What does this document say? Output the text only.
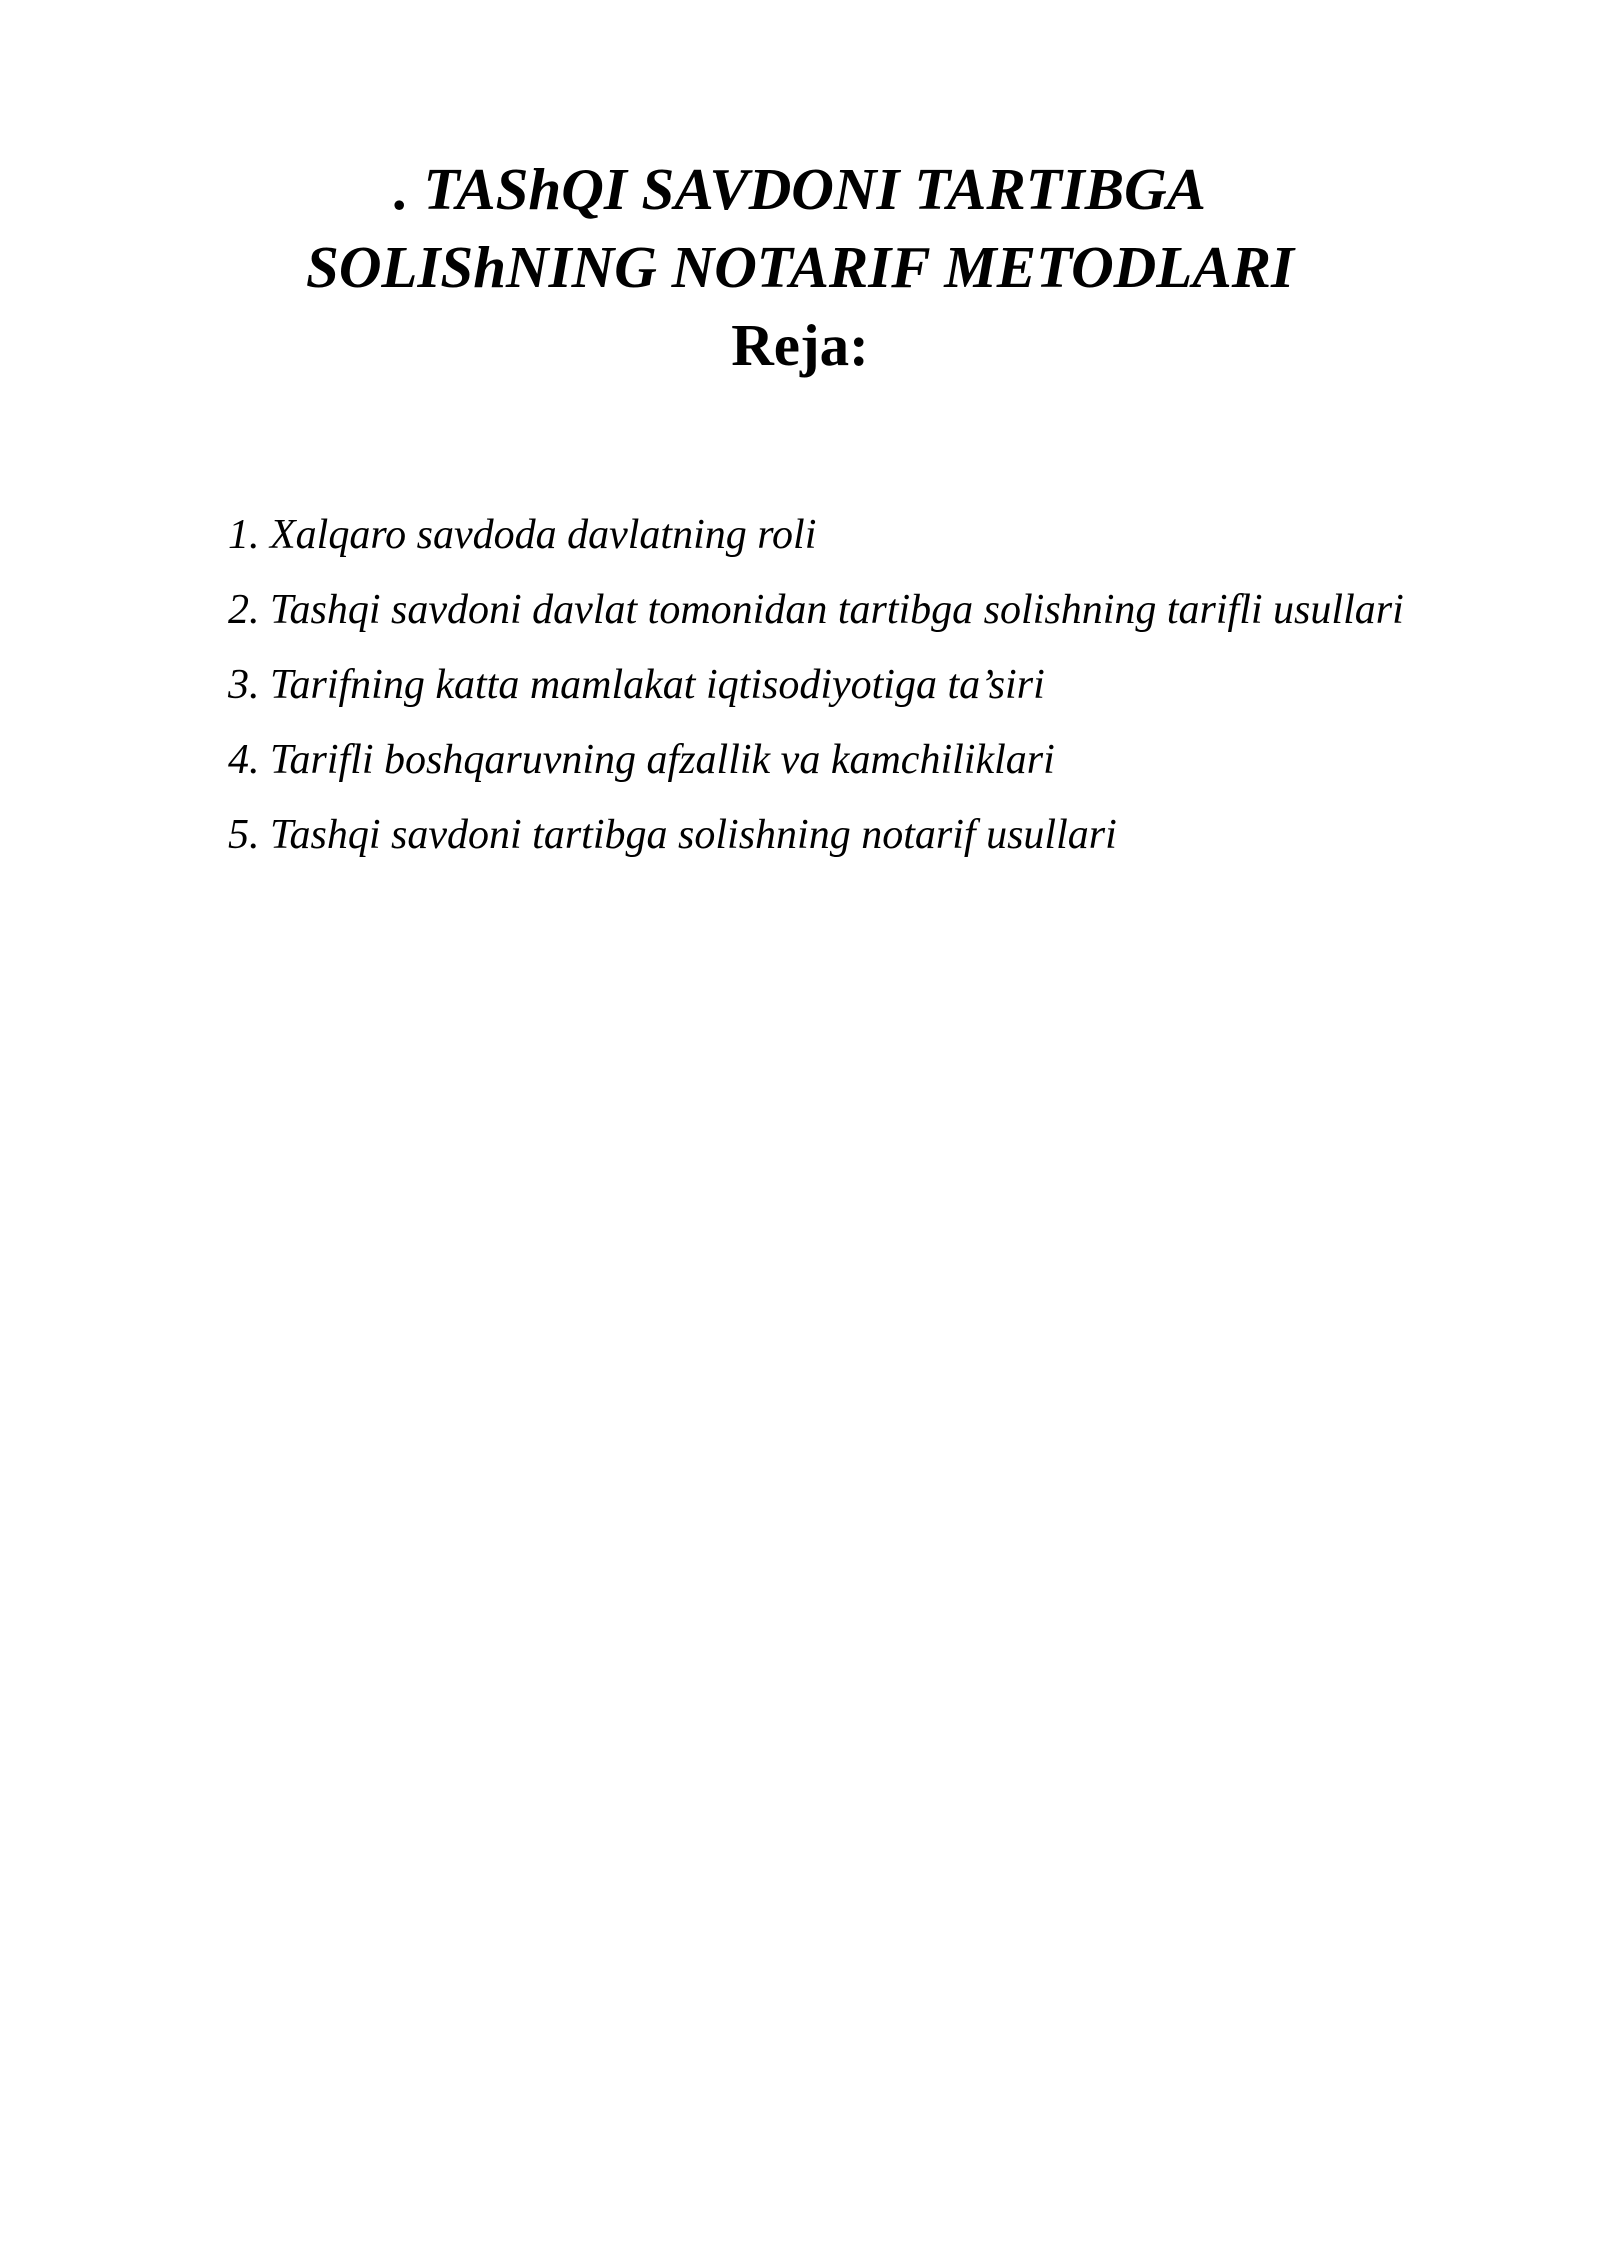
. TAShQI SAVDONI TARTIBGA
SOLIShNING NOTARIF METODLARI
Reja:
1. Xalqaro savdoda davlatning roli
2. Tashqi savdoni davlat tomonidan tartibga solishning tarifli usullari
3. Tarifning katta mamlakat iqtisodiyotiga ta’siri
4. Tarifli boshqaruvning afzallik va kamchiliklari
5. Tashqi savdoni tartibga solishning notarif usullari
